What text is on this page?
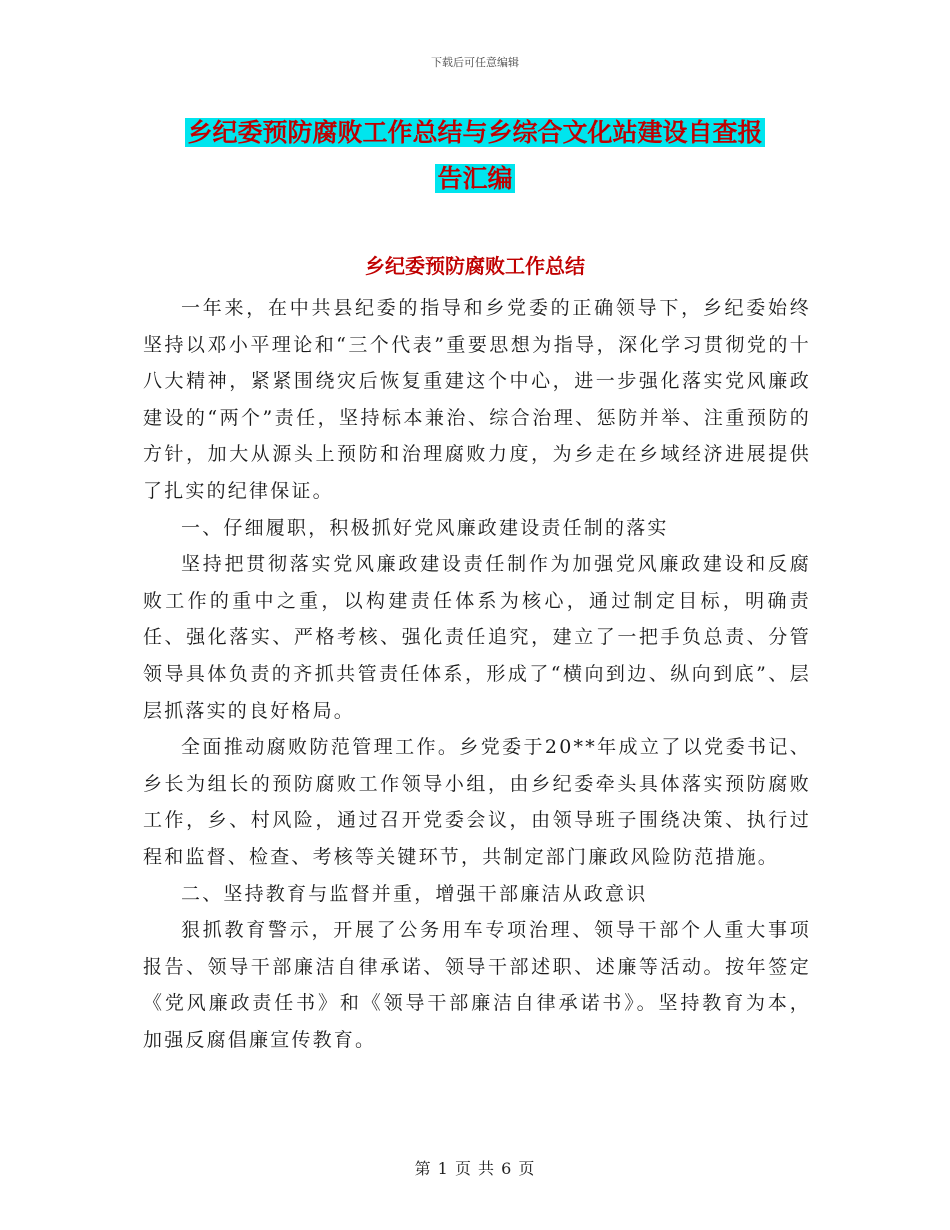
下载后可任意编辑
乡纪委预防腐败工作总结与乡综合文化站建设自查报
告汇编
乡纪委预防腐败工作总结

一年来，在中共县纪委的指导和乡党委的正确领导下，乡纪委始终坚持以邓小平理论和“三个代表”重要思想为指导，深化学习贯彻党的十八大精神，紧紧围绕灾后恢复重建这个中心，进一步强化落实党风廉政建设的“两个”责任，坚持标本兼治、综合治理、惩防并举、注重预防的方针，加大从源头上预防和治理腐败力度，为乡走在乡域经济进展提供了扎实的纪律保证。

一、仔细履职，积极抓好党风廉政建设责任制的落实

坚持把贯彻落实党风廉政建设责任制作为加强党风廉政建设和反腐败工作的重中之重，以构建责任体系为核心，通过制定目标，明确责任、强化落实、严格考核、强化责任追究，建立了一把手负总责、分管领导具体负责的齐抓共管责任体系，形成了“横向到边、纵向到底”、层层抓落实的良好格局。

全面推动腐败防范管理工作。乡党委于20**年成立了以党委书记、乡长为组长的预防腐败工作领导小组，由乡纪委牵头具体落实预防腐败工作，乡、村风险，通过召开党委会议，由领导班子围绕决策、执行过程和监督、检查、考核等关键环节，共制定部门廉政风险防范措施。

二、坚持教育与监督并重，增强干部廉洁从政意识

狠抓教育警示，开展了公务用车专项治理、领导干部个人重大事项报告、领导干部廉洁自律承诺、领导干部述职、述廉等活动。按年签定《党风廉政责任书》和《领导干部廉洁自律承诺书》。坚持教育为本，加强反腐倡廉宣传教育。

第 1 页 共 6 页
